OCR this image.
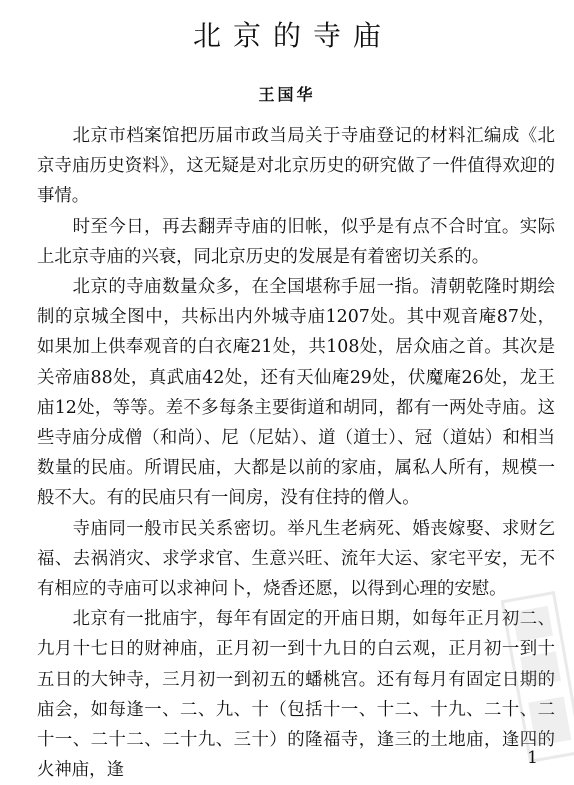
北京的寺庙
王国华

北京市档案馆把历届市政当局关于寺庙登记的材料汇编成《北京寺庙历史资料》，这无疑是对北京历史的研究做了一件值得欢迎的事情。

时至今日，再去翻弄寺庙的旧帐，似乎是有点不合时宜。实际上北京寺庙的兴衰，同北京历史的发展是有着密切关系的。

北京的寺庙数量众多，在全国堪称手屈一指。清朝乾隆时期绘制的京城全图中，共标出内外城寺庙1207处。其中观音庵87处，如果加上供奉观音的白衣庵21处，共108处，居众庙之首。其次是关帝庙88处，真武庙42处，还有天仙庵29处，伏魔庵26处，龙王庙12处，等等。差不多每条主要街道和胡同，都有一两处寺庙。这些寺庙分成僧（和尚）、尼（尼姑）、道（道士）、冠（道姑）和相当数量的民庙。所谓民庙，大都是以前的家庙，属私人所有，规模一般不大。有的民庙只有一间房，没有住持的僧人。

寺庙同一般市民关系密切。举凡生老病死、婚丧嫁娶、求财乞福、去祸消灾、求学求官、生意兴旺、流年大运、家宅平安，无不有相应的寺庙可以求神问卜，烧香还愿，以得到心理的安慰。

北京有一批庙宇，每年有固定的开庙日期，如每年正月初二、九月十七日的财神庙，正月初一到十九日的白云观，正月初一到十五日的大钟寺，三月初一到初五的蟠桃宫。还有每月有固定日期的庙会，如每逢一、二、九、十（包括十一、十二、十九、二十、二十一、二十二、二十九、三十）的隆福寺，逢三的土地庙，逢四的火神庙，逢

1
